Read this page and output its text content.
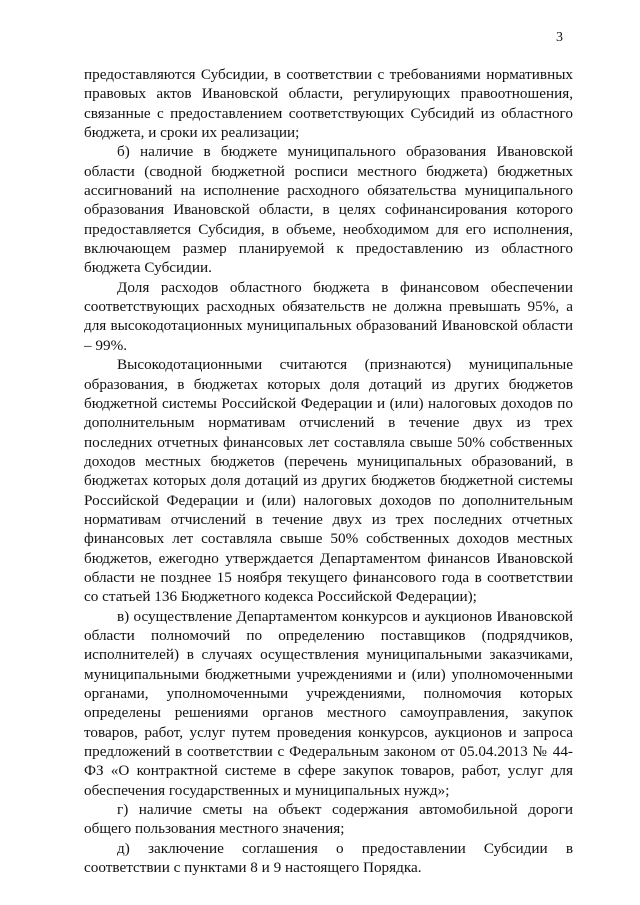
3

предоставляются Субсидии, в соответствии с требованиями нормативных правовых актов Ивановской области, регулирующих правоотношения, связанные с предоставлением соответствующих Субсидий из областного бюджета, и сроки их реализации;

б) наличие в бюджете муниципального образования Ивановской области (сводной бюджетной росписи местного бюджета) бюджетных ассигнований на исполнение расходного обязательства муниципального образования Ивановской области, в целях софинансирования которого предоставляется Субсидия, в объеме, необходимом для его исполнения, включающем размер планируемой к предоставлению из областного бюджета Субсидии.

Доля расходов областного бюджета в финансовом обеспечении соответствующих расходных обязательств не должна превышать 95%, а для высокодотационных муниципальных образований Ивановской области – 99%.

Высокодотационными считаются (признаются) муниципальные образования, в бюджетах которых доля дотаций из других бюджетов бюджетной системы Российской Федерации и (или) налоговых доходов по дополнительным нормативам отчислений в течение двух из трех последних отчетных финансовых лет составляла свыше 50% собственных доходов местных бюджетов (перечень муниципальных образований, в бюджетах которых доля дотаций из других бюджетов бюджетной системы Российской Федерации и (или) налоговых доходов по дополнительным нормативам отчислений в течение двух из трех последних отчетных финансовых лет составляла свыше 50% собственных доходов местных бюджетов, ежегодно утверждается Департаментом финансов Ивановской области не позднее 15 ноября текущего финансового года в соответствии со статьей 136 Бюджетного кодекса Российской Федерации);

в) осуществление Департаментом конкурсов и аукционов Ивановской области полномочий по определению поставщиков (подрядчиков, исполнителей) в случаях осуществления муниципальными заказчиками, муниципальными бюджетными учреждениями и (или) уполномоченными органами, уполномоченными учреждениями, полномочия которых определены решениями органов местного самоуправления, закупок товаров, работ, услуг путем проведения конкурсов, аукционов и запроса предложений в соответствии с Федеральным законом от 05.04.2013 № 44-ФЗ «О контрактной системе в сфере закупок товаров, работ, услуг для обеспечения государственных и муниципальных нужд»;

г) наличие сметы на объект содержания автомобильной дороги общего пользования местного значения;

д) заключение соглашения о предоставлении Субсидии в соответствии с пунктами 8 и 9 настоящего Порядка.
